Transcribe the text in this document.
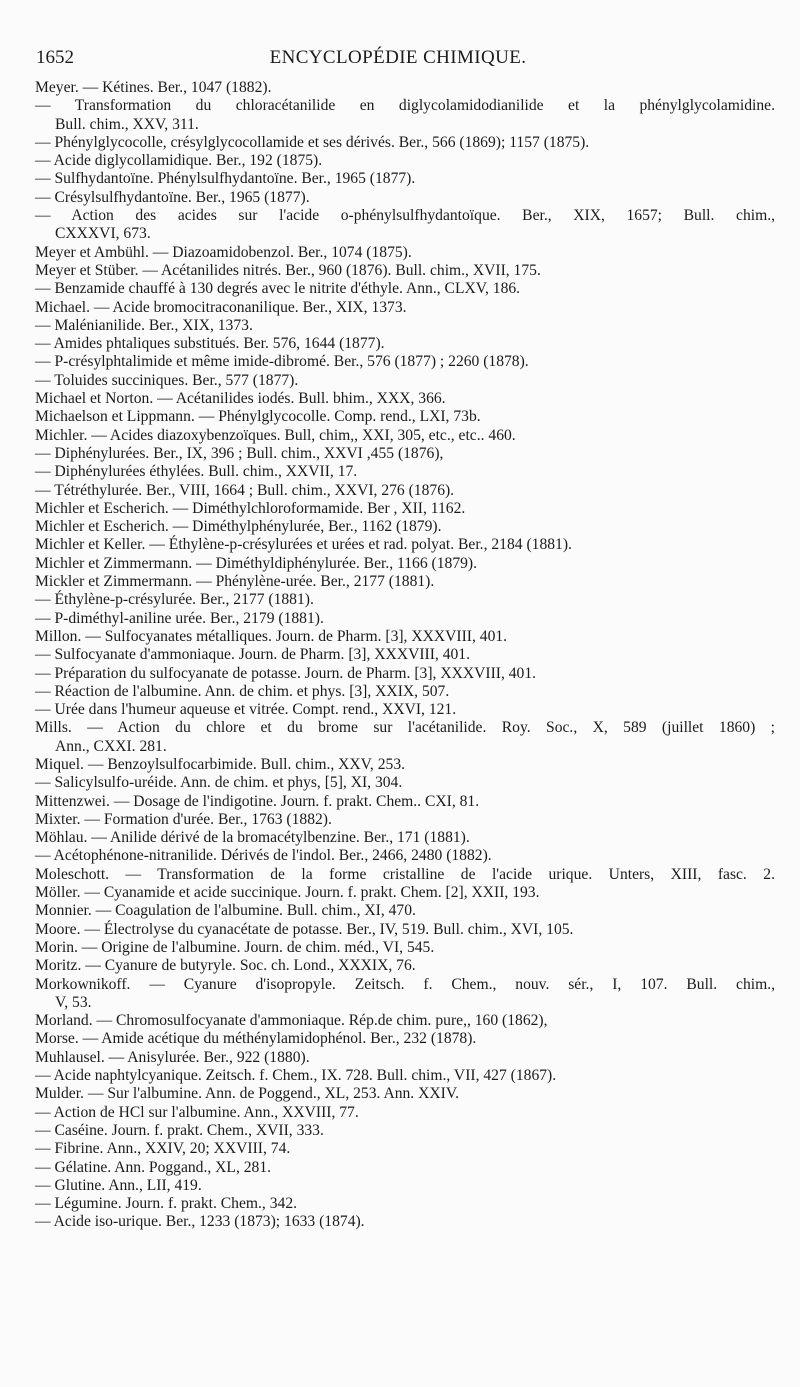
1652	ENCYCLOPÉDIE CHIMIQUE.
Meyer. — Kétines. Ber., 1047 (1882).
— Transformation du chloracétanilide en diglycolamidodianilide et la phénylglycolamidine.
Bull. chim., XXV, 311.
— Phénylglycocolle, crésylglycocollamide et ses dérivés. Ber., 566 (1869); 1157 (1875).
— Acide diglycollamidique. Ber., 192 (1875).
— Sulfhydantoïne. Phénylsulfhydantoïne. Ber., 1965 (1877).
— Crésylsulfhydantoïne. Ber., 1965 (1877).
— Action des acides sur l'acide o-phénylsulfhydantoïque. Ber., XIX, 1657; Bull. chim.,
CXXXVI, 673.
Meyer et Ambühl. — Diazoamidobenzol. Ber., 1074 (1875).
Meyer et Stüber. — Acétanilides nitrés. Ber., 960 (1876). Bull. chim., XVII, 175.
— Benzamide chauffé à 130 degrés avec le nitrite d'éthyle. Ann., CLXV, 186.
Michael. — Acide bromocitraconanilique. Ber., XIX, 1373.
— Malénianilide. Ber., XIX, 1373.
— Amides phtaliques substitués. Ber. 576, 1644 (1877).
— P-crésylphtalimide et même imide-dibromé. Ber., 576 (1877) ; 2260 (1878).
— Toluides succiniques. Ber., 577 (1877).
Michael et Norton. — Acétanilides iodés. Bull. bhim., XXX, 366.
Michaelson et Lippmann. — Phénylglycocolle. Comp. rend., LXI, 73b.
Michler. — Acides diazoxybenzoïques. Bull, chim,, XXI, 305, etc., etc.. 460.
— Diphénylurées. Ber., IX, 396 ; Bull. chim., XXVI ,455 (1876),
— Diphénylurées éthylées. Bull. chim., XXVII, 17.
— Tétréthylurée. Ber., VIII, 1664 ; Bull. chim., XXVI, 276 (1876).
Michler et Escherich. — Diméthylchloroformamide. Ber , XII, 1162.
Michler et Escherich. — Diméthylphénylurée, Ber., 1162 (1879).
Michler et Keller. — Éthylène-p-crésylurées et urées et rad. polyat. Ber., 2184 (1881).
Michler et Zimmermann. — Diméthyldiphénylurée. Ber., 1166 (1879).
Mickler et Zimmermann. — Phénylène-urée. Ber., 2177 (1881).
— Éthylène-p-crésylurée. Ber., 2177 (1881).
— P-diméthyl-aniline urée. Ber., 2179 (1881).
Millon. — Sulfocyanates métalliques. Journ. de Pharm. [3], XXXVIII, 401.
— Sulfocyanate d'ammoniaque. Journ. de Pharm. [3], XXXVIII, 401.
— Préparation du sulfocyanate de potasse. Journ. de Pharm. [3], XXXVIII, 401.
— Réaction de l'albumine. Ann. de chim. et phys. [3], XXIX, 507.
— Urée dans l'humeur aqueuse et vitrée. Compt. rend., XXVI, 121.
Mills. — Action du chlore et du brome sur l'acétanilide. Roy. Soc., X, 589 (juillet 1860) ;
Ann., CXXI. 281.
Miquel. — Benzoylsulfocarbimide. Bull. chim., XXV, 253.
— Salicylsulfo-uréide. Ann. de chim. et phys, [5], XI, 304.
Mittenzwei. — Dosage de l'indigotine. Journ. f. prakt. Chem.. CXI, 81.
Mixter. — Formation d'urée. Ber., 1763 (1882).
Möhlau. — Anilide dérivé de la bromacétylbenzine. Ber., 171 (1881).
— Acétophénone-nitranilide. Dérivés de l'indol. Ber., 2466, 2480 (1882).
Moleschott. — Transformation de la forme cristalline de l'acide urique. Unters, XIII, fasc. 2.
Möller. — Cyanamide et acide succinique. Journ. f. prakt. Chem. [2], XXII, 193.
Monnier. — Coagulation de l'albumine. Bull. chim., XI, 470.
Moore. — Électrolyse du cyanacétate de potasse. Ber., IV, 519. Bull. chim., XVI, 105.
Morin. — Origine de l'albumine. Journ. de chim. méd., VI, 545.
Moritz. — Cyanure de butyryle. Soc. ch. Lond., XXXIX, 76.
Morkownikoff. — Cyanure d'isopropyle. Zeitsch. f. Chem., nouv. sér., I, 107. Bull. chim.,
V, 53.
Morland. — Chromosulfocyanate d'ammoniaque. Rép.de chim. pure,, 160 (1862),
Morse. — Amide acétique du méthénylamidophénol. Ber., 232 (1878).
Muhlausel. — Anisylurée. Ber., 922 (1880).
— Acide naphtylcyanique. Zeitsch. f. Chem., IX. 728. Bull. chim., VII, 427 (1867).
Mulder. — Sur l'albumine. Ann. de Poggend., XL, 253. Ann. XXIV.
— Action de HCl sur l'albumine. Ann., XXVIII, 77.
— Caséine. Journ. f. prakt. Chem., XVII, 333.
— Fibrine. Ann., XXIV, 20; XXVIII, 74.
— Gélatine. Ann. Poggand., XL, 281.
— Glutine. Ann., LII, 419.
— Légumine. Journ. f. prakt. Chem., 342.
— Acide iso-urique. Ber., 1233 (1873); 1633 (1874).
